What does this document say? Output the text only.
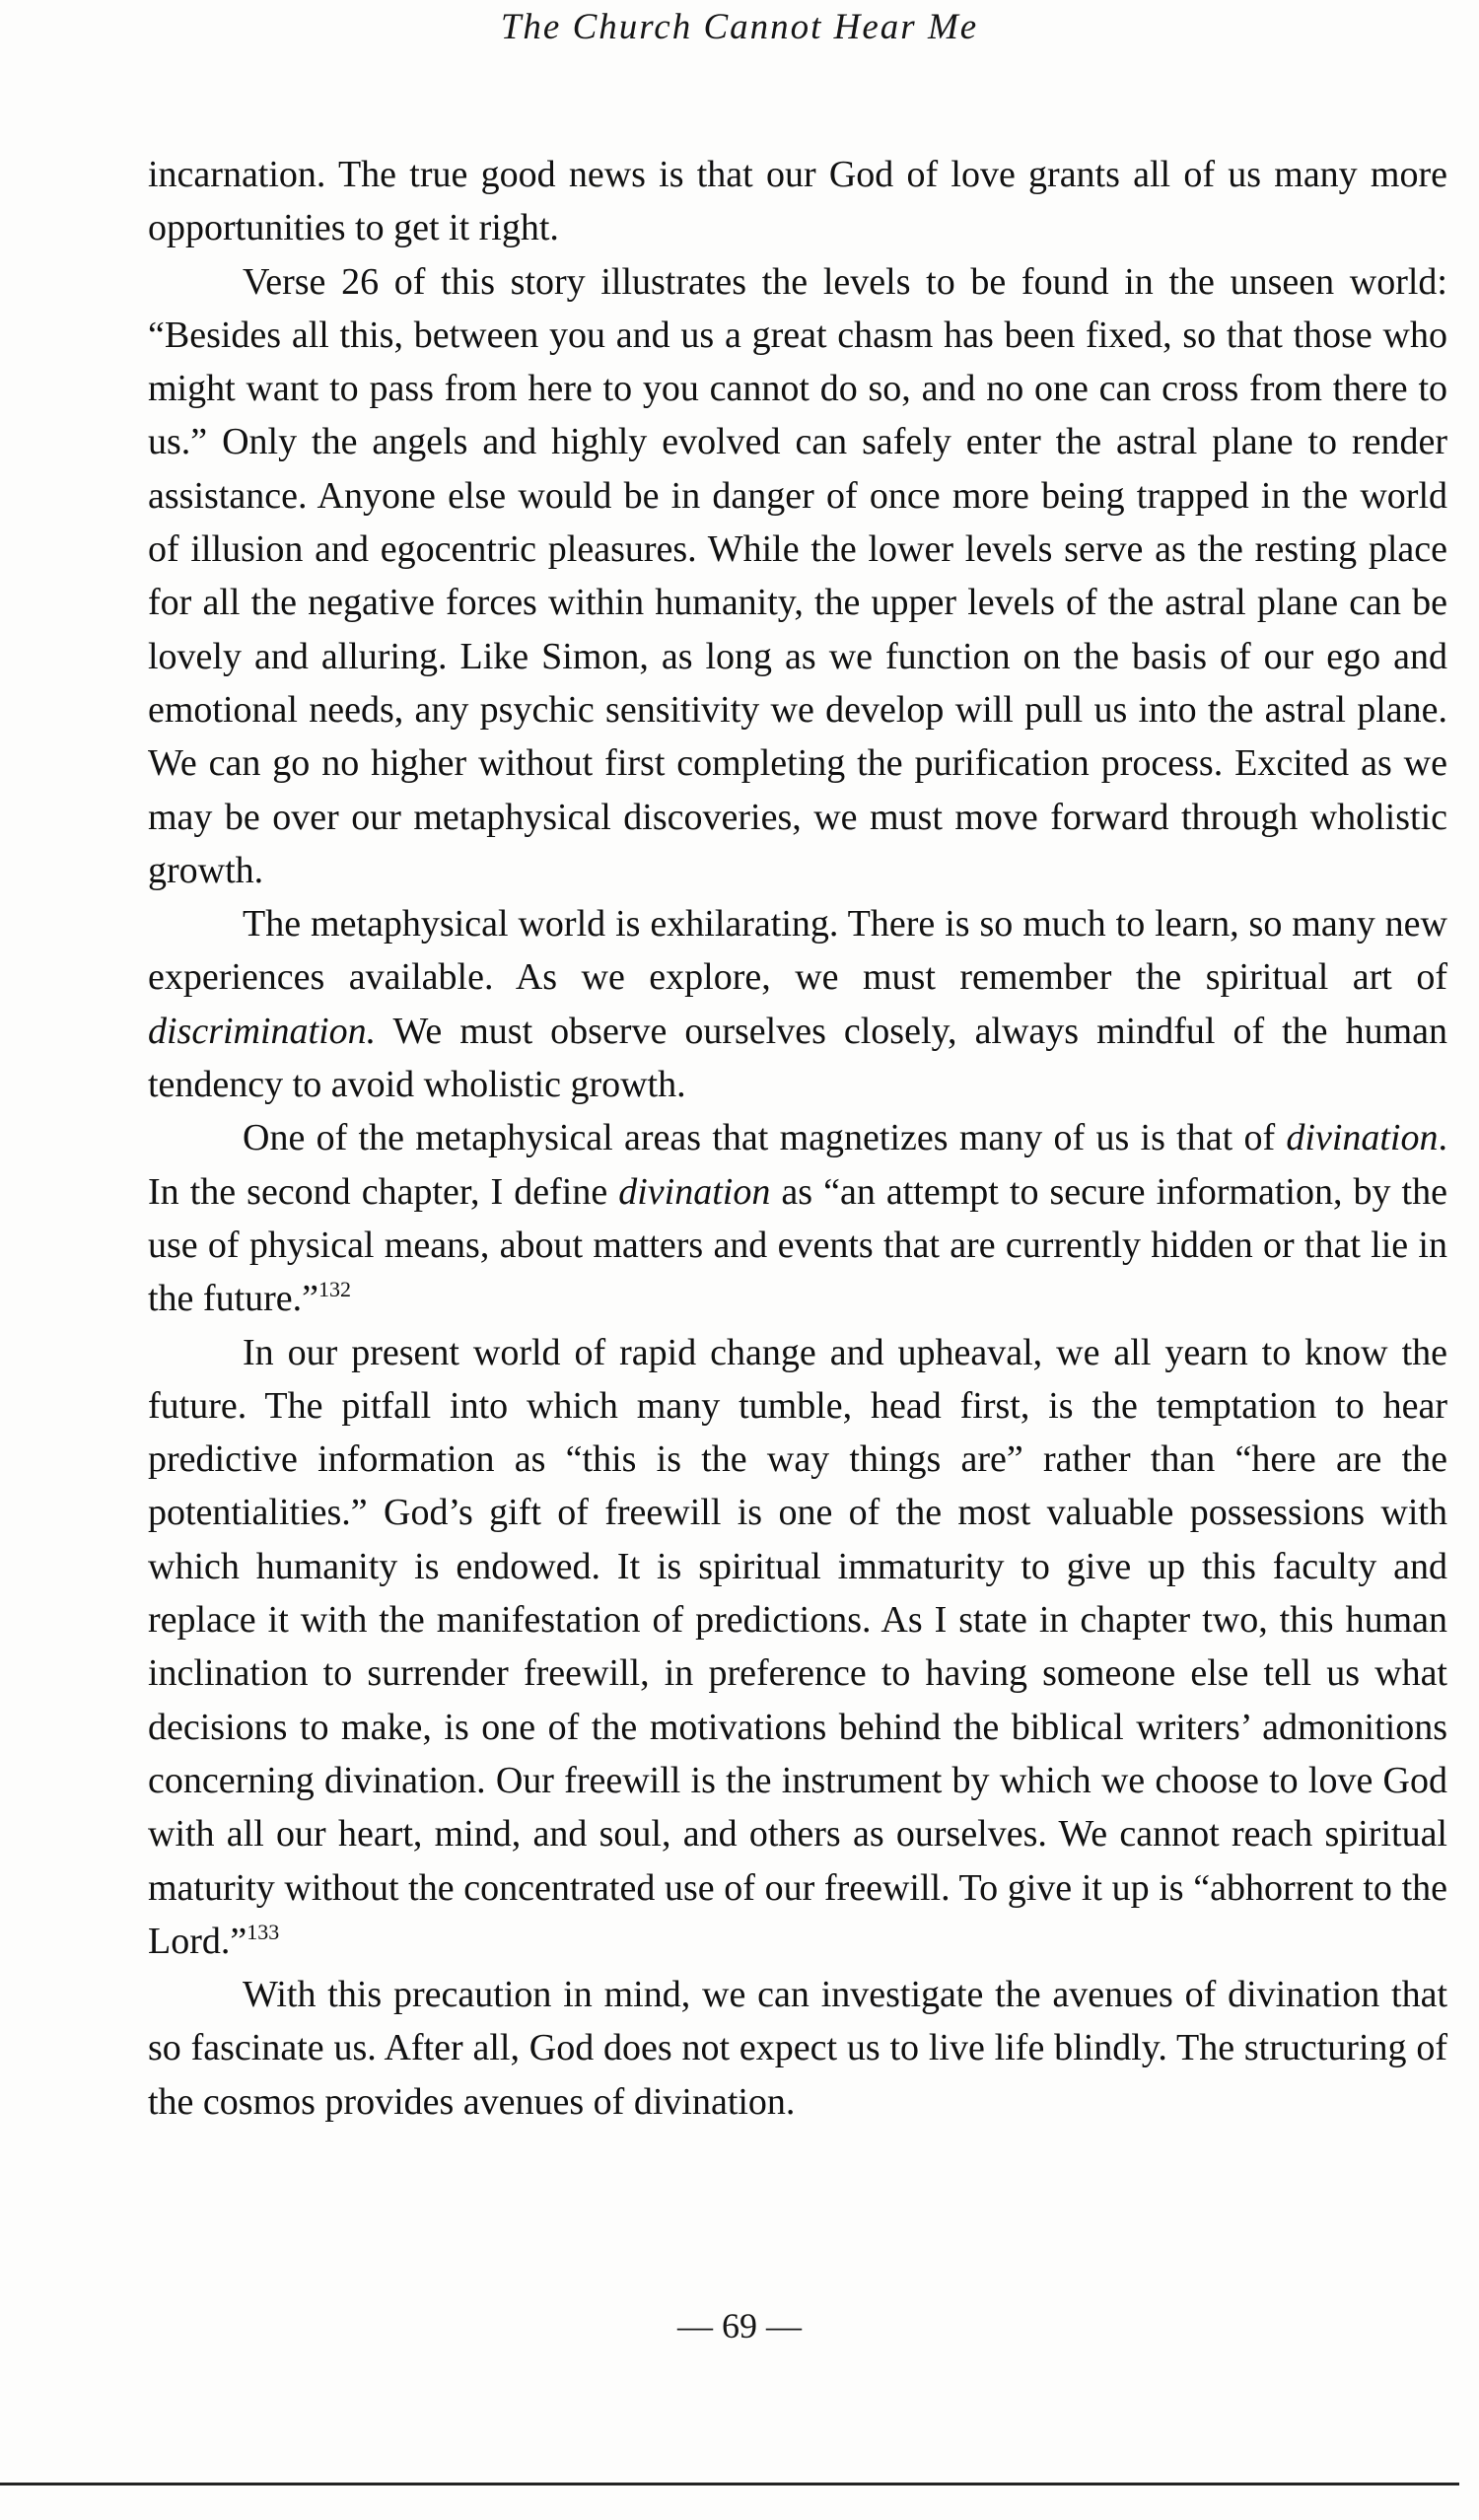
The Church Cannot Hear Me

incarnation. The true good news is that our God of love grants all of us many more opportunities to get it right.

Verse 26 of this story illustrates the levels to be found in the unseen world: “Besides all this, between you and us a great chasm has been fixed, so that those who might want to pass from here to you cannot do so, and no one can cross from there to us.” Only the angels and highly evolved can safely enter the astral plane to render assistance. Anyone else would be in danger of once more being trapped in the world of illusion and egocentric pleasures. While the lower levels serve as the resting place for all the negative forces within humanity, the upper levels of the astral plane can be lovely and alluring. Like Simon, as long as we function on the basis of our ego and emotional needs, any psychic sensitivity we develop will pull us into the astral plane. We can go no higher without first completing the purification process. Excited as we may be over our metaphysical discoveries, we must move forward through wholistic growth.

The metaphysical world is exhilarating. There is so much to learn, so many new experiences available. As we explore, we must remember the spiritual art of discrimination. We must observe ourselves closely, always mindful of the human tendency to avoid wholistic growth.

One of the metaphysical areas that magnetizes many of us is that of divination. In the second chapter, I define divination as “an attempt to secure information, by the use of physical means, about matters and events that are currently hidden or that lie in the future.”$^{132}$

In our present world of rapid change and upheaval, we all yearn to know the future. The pitfall into which many tumble, head first, is the temptation to hear predictive information as “this is the way things are” rather than “here are the potentialities.” God’s gift of freewill is one of the most valuable possessions with which humanity is endowed. It is spiritual immaturity to give up this faculty and replace it with the manifestation of predictions. As I state in chapter two, this human inclination to surrender freewill, in preference to having someone else tell us what decisions to make, is one of the motivations behind the biblical writers’ admonitions concerning divination. Our freewill is the instrument by which we choose to love God with all our heart, mind, and soul, and others as ourselves. We cannot reach spiritual maturity without the concentrated use of our freewill. To give it up is “abhorrent to the Lord.”$^{133}$

With this precaution in mind, we can investigate the avenues of divination that so fascinate us. After all, God does not expect us to live life blindly. The structuring of the cosmos provides avenues of divination.

— 69 —
